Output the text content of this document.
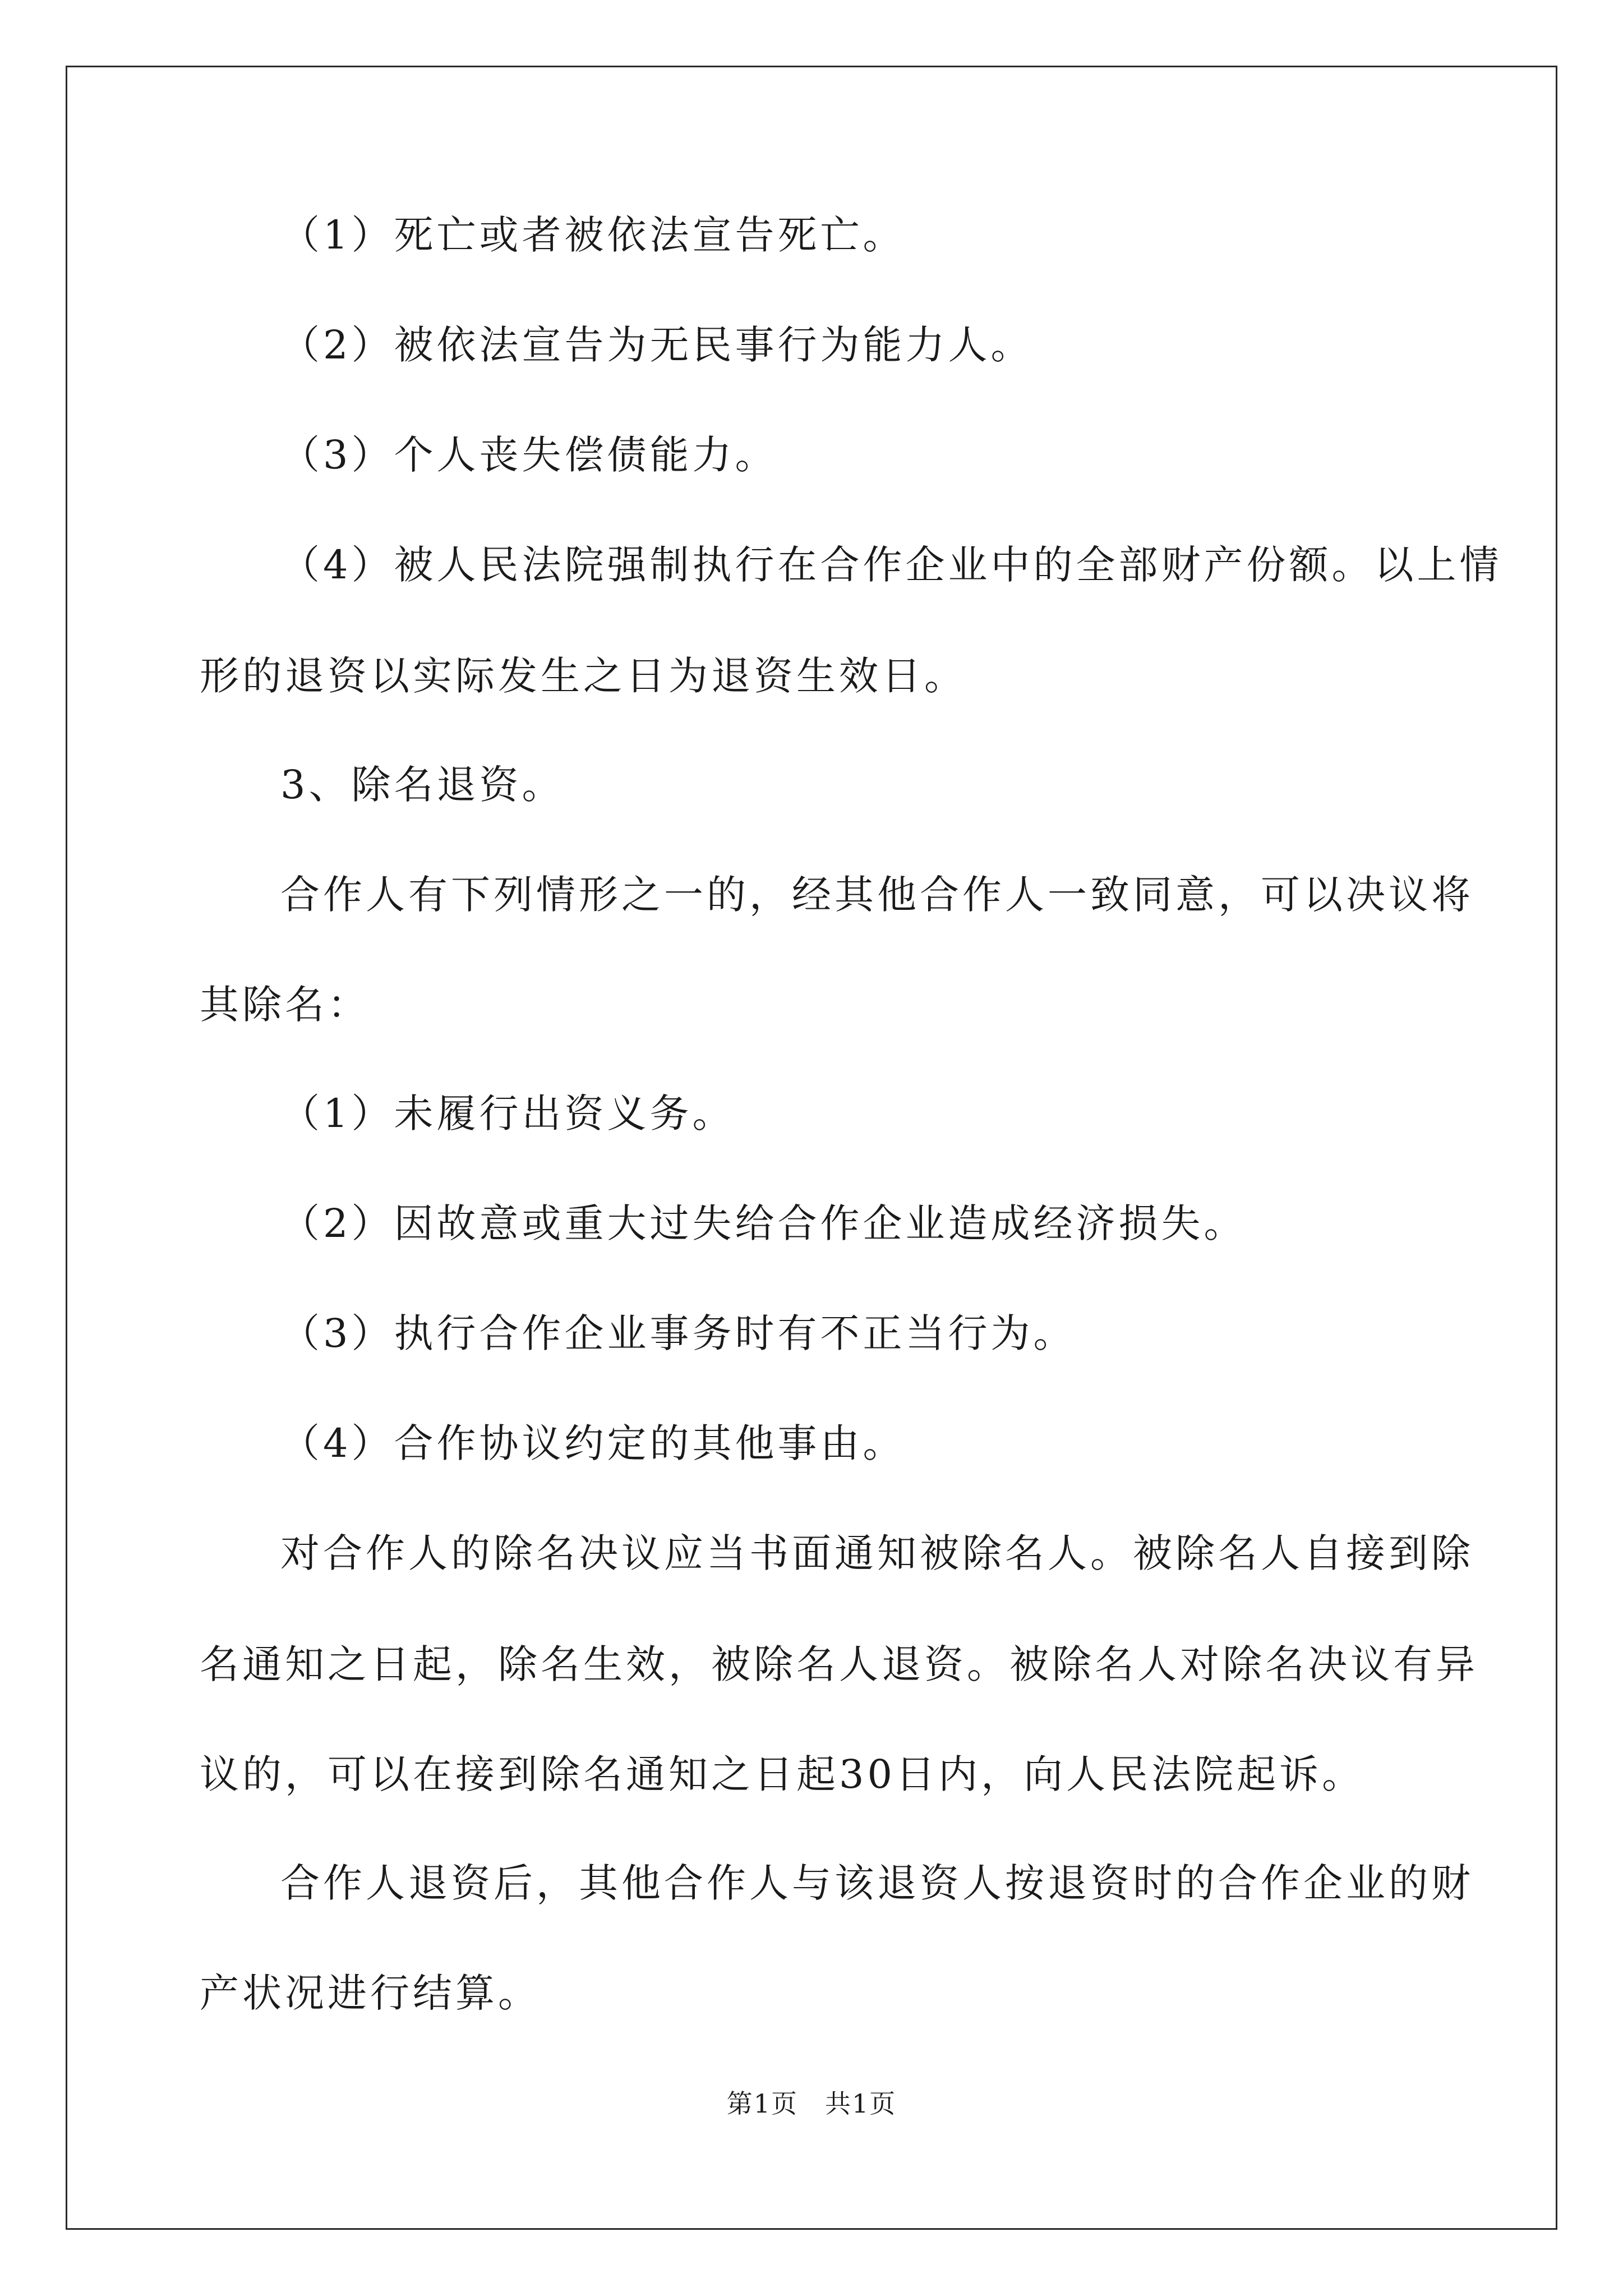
（1）死亡或者被依法宣告死亡。
（2）被依法宣告为无民事行为能力人。
（3）个人丧失偿债能力。
（4）被人民法院强制执行在合作企业中的全部财产份额。以上情
形的退资以实际发生之日为退资生效日。
3、除名退资。
合作人有下列情形之一的，经其他合作人一致同意，可以决议将
其除名：
（1）未履行出资义务。
（2）因故意或重大过失给合作企业造成经济损失。
（3）执行合作企业事务时有不正当行为。
（4）合作协议约定的其他事由。
对合作人的除名决议应当书面通知被除名人。被除名人自接到除
名通知之日起，除名生效，被除名人退资。被除名人对除名决议有异
议的，可以在接到除名通知之日起30日内，向人民法院起诉。
合作人退资后，其他合作人与该退资人按退资时的合作企业的财
产状况进行结算。
第1页　共1页
